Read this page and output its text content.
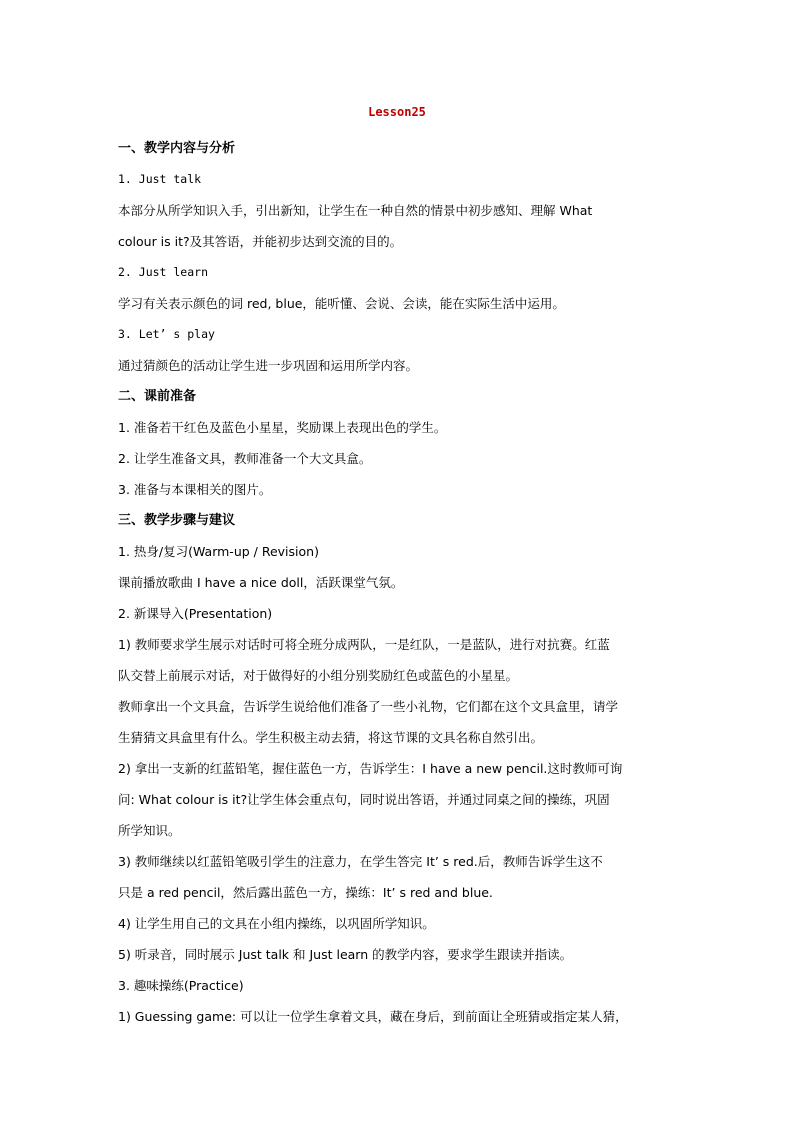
Lesson25
一、教学内容与分析
1. Just talk
本部分从所学知识入手，引出新知，让学生在一种自然的情景中初步感知、理解 What
colour is it?及其答语，并能初步达到交流的目的。
2. Just learn
学习有关表示颜色的词 red, blue，能听懂、会说、会读，能在实际生活中运用。
3. Let’ s play
通过猜颜色的活动让学生进一步巩固和运用所学内容。
二、课前准备
1. 准备若干红色及蓝色小星星，奖励课上表现出色的学生。
2. 让学生准备文具，教师准备一个大文具盒。
3. 准备与本课相关的图片。
三、教学步骤与建议
1. 热身/复习(Warm-up / Revision)
课前播放歌曲 I have a nice doll，活跃课堂气氛。
2. 新课导入(Presentation)
1) 教师要求学生展示对话时可将全班分成两队，一是红队，一是蓝队，进行对抗赛。红蓝
队交替上前展示对话，对于做得好的小组分别奖励红色或蓝色的小星星。
教师拿出一个文具盒，告诉学生说给他们准备了一些小礼物，它们都在这个文具盒里，请学
生猜猜文具盒里有什么。学生积极主动去猜，将这节课的文具名称自然引出。
2) 拿出一支新的红蓝铅笔，握住蓝色一方，告诉学生：I have a new pencil.这时教师可询
问: What colour is it?让学生体会重点句，同时说出答语，并通过同桌之间的操练，巩固
所学知识。
3) 教师继续以红蓝铅笔吸引学生的注意力，在学生答完 It’ s red.后，教师告诉学生这不
只是 a red pencil，然后露出蓝色一方，操练：It’ s red and blue.
4) 让学生用自己的文具在小组内操练，以巩固所学知识。
5) 听录音，同时展示 Just talk 和 Just learn 的教学内容，要求学生跟读并指读。
3. 趣味操练(Practice)
1) Guessing game: 可以让一位学生拿着文具，藏在身后，到前面让全班猜或指定某人猜，
